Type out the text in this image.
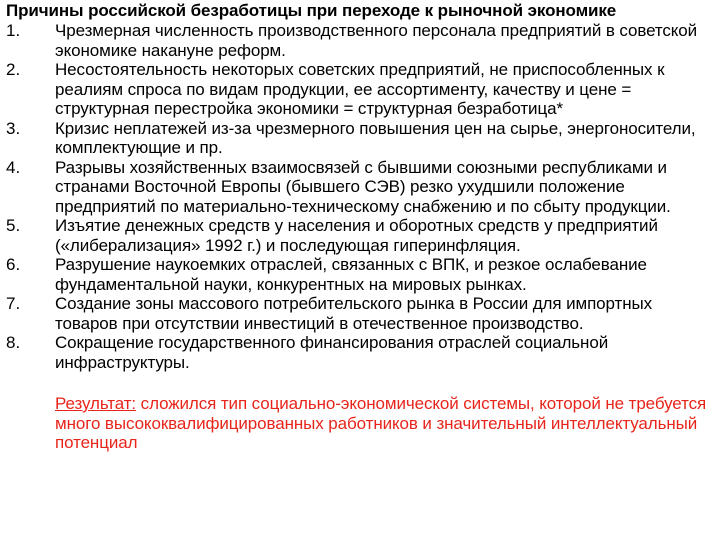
Причины российской безработицы при переходе к рыночной экономике
1.	Чрезмерная численность производственного персонала предприятий в советской экономике накануне реформ.
2.	Несостоятельность некоторых советских предприятий, не приспособленных к реалиям спроса по видам продукции, ее ассортименту, качеству и цене = структурная перестройка экономики = структурная безработица*
3.	Кризис неплатежей из-за чрезмерного повышения цен на сырье, энергоносители, комплектующие и пр.
4.	Разрывы хозяйственных взаимосвязей с бывшими союзными республиками и странами Восточной Европы (бывшего СЭВ) резко ухудшили положение предприятий по материально-техническому снабжению и по сбыту продукции.
5.	Изъятие денежных средств у населения и оборотных средств у предприятий («либерализация» 1992 г.) и последующая гиперинфляция.
6.	Разрушение наукоемких отраслей, связанных с ВПК, и резкое ослабевание фундаментальной науки, конкурентных на мировых рынках.
7.	Создание зоны массового потребительского рынка в России для импортных товаров при отсутствии инвестиций в отечественное производство.
8.	Сокращение государственного финансирования отраслей социальной инфраструктуры.

Результат: сложился тип социально-экономической системы, которой не требуется много высококвалифицированных работников и значительный интеллектуальный потенциал
